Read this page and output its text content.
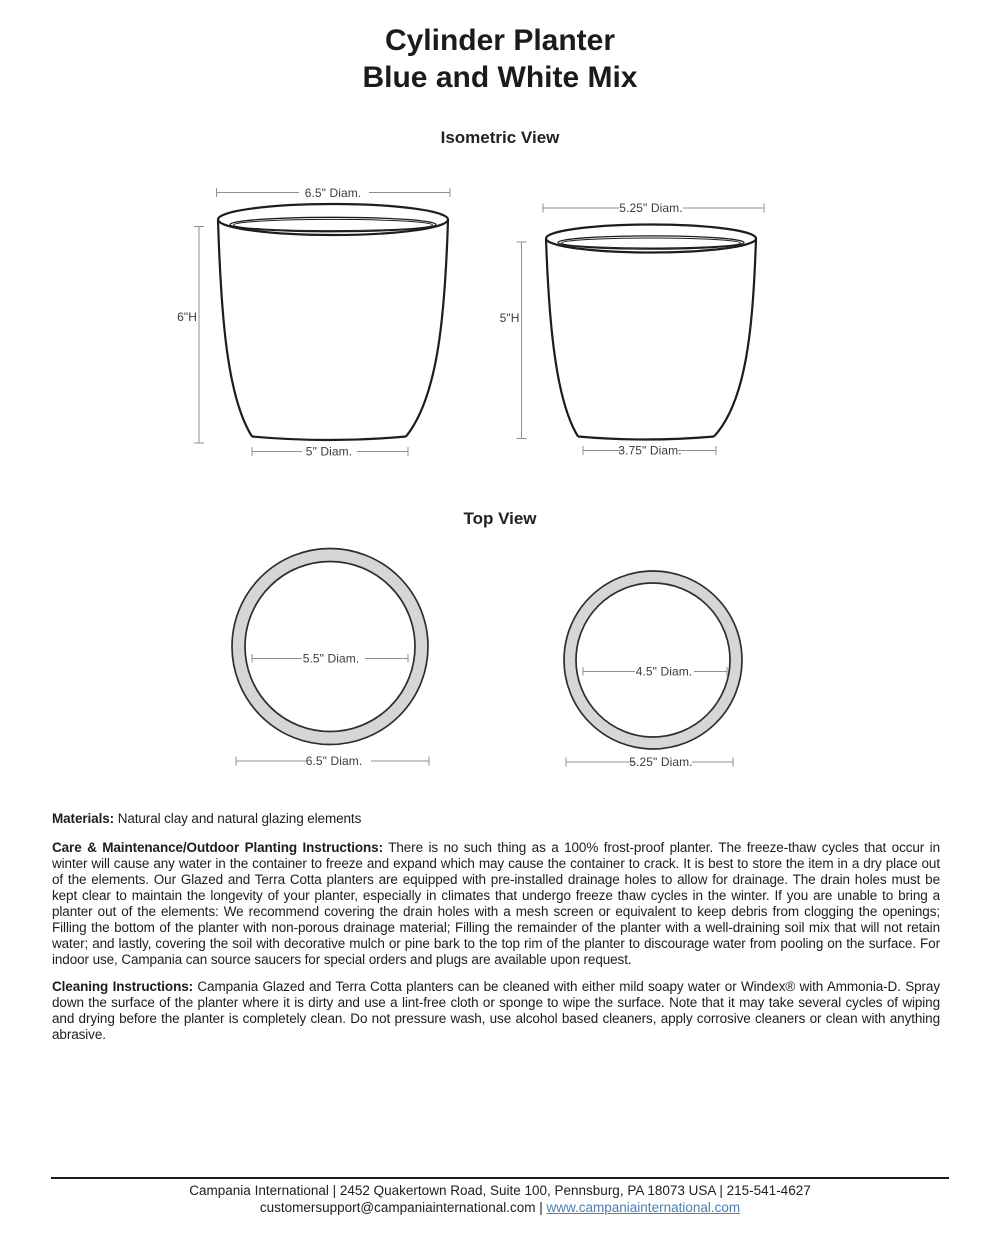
Cylinder Planter
Blue and White Mix
Isometric View
6.5" Diam.
6"H
5" Diam.
5.25" Diam.
5"H
3.75" Diam.
Top View
5.5" Diam.
6.5" Diam.
4.5" Diam.
5.25" Diam.

Materials: Natural clay and natural glazing elements

Care & Maintenance/Outdoor Planting Instructions: There is no such thing as a 100% frost-proof planter. The freeze-thaw cycles that occur in winter will cause any water in the container to freeze and expand which may cause the container to crack. It is best to store the item in a dry place out of the elements. Our Glazed and Terra Cotta planters are equipped with pre-installed drainage holes to allow for drainage. The drain holes must be kept clear to maintain the longevity of your planter, especially in climates that undergo freeze thaw cycles in the winter. If you are unable to bring a planter out of the elements: We recommend covering the drain holes with a mesh screen or equivalent to keep debris from clogging the openings; Filling the bottom of the planter with non-porous drainage material; Filling the remainder of the planter with a well-draining soil mix that will not retain water; and lastly, covering the soil with decorative mulch or pine bark to the top rim of the planter to discourage water from pooling on the surface. For indoor use, Campania can source saucers for special orders and plugs are available upon request.

Cleaning Instructions: Campania Glazed and Terra Cotta planters can be cleaned with either mild soapy water or Windex® with Ammonia-D. Spray down the surface of the planter where it is dirty and use a lint-free cloth or sponge to wipe the surface. Note that it may take several cycles of wiping and drying before the planter is completely clean. Do not pressure wash, use alcohol based cleaners, apply corrosive cleaners or clean with anything abrasive.

Campania International | 2452 Quakertown Road, Suite 100, Pennsburg, PA 18073 USA | 215-541-4627
customersupport@campaniainternational.com | www.campaniainternational.com
